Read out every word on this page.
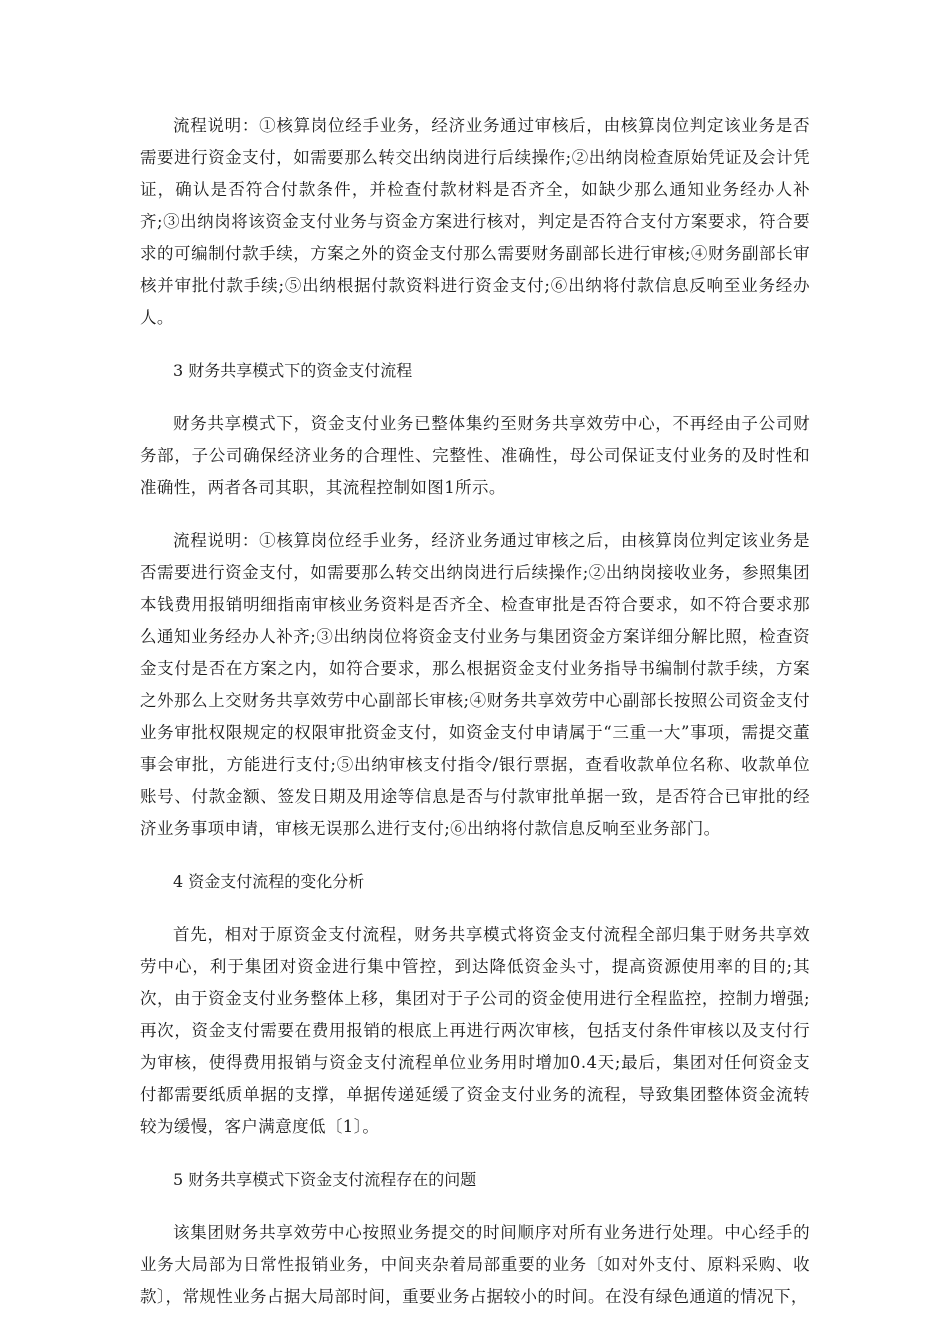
流程说明：①核算岗位经手业务，经济业务通过审核后，由核算岗位判定该业务是否需要进行资金支付，如需要那么转交出纳岗进行后续操作;②出纳岗检查原始凭证及会计凭证，确认是否符合付款条件，并检查付款材料是否齐全，如缺少那么通知业务经办人补齐;③出纳岗将该资金支付业务与资金方案进行核对，判定是否符合支付方案要求，符合要求的可编制付款手续，方案之外的资金支付那么需要财务副部长进行审核;④财务副部长审核并审批付款手续;⑤出纳根据付款资料进行资金支付;⑥出纳将付款信息反响至业务经办人。

3 财务共享模式下的资金支付流程

财务共享模式下，资金支付业务已整体集约至财务共享效劳中心，不再经由子公司财务部，子公司确保经济业务的合理性、完整性、准确性，母公司保证支付业务的及时性和准确性，两者各司其职，其流程控制如图1所示。

流程说明：①核算岗位经手业务，经济业务通过审核之后，由核算岗位判定该业务是否需要进行资金支付，如需要那么转交出纳岗进行后续操作;②出纳岗接收业务，参照集团本钱费用报销明细指南审核业务资料是否齐全、检查审批是否符合要求，如不符合要求那么通知业务经办人补齐;③出纳岗位将资金支付业务与集团资金方案详细分解比照，检查资金支付是否在方案之内，如符合要求，那么根据资金支付业务指导书编制付款手续，方案之外那么上交财务共享效劳中心副部长审核;④财务共享效劳中心副部长按照公司资金支付业务审批权限规定的权限审批资金支付，如资金支付申请属于“三重一大”事项，需提交董事会审批，方能进行支付;⑤出纳审核支付指令/银行票据，查看收款单位名称、收款单位账号、付款金额、签发日期及用途等信息是否与付款审批单据一致，是否符合已审批的经济业务事项申请，审核无误那么进行支付;⑥出纳将付款信息反响至业务部门。

4 资金支付流程的变化分析

首先，相对于原资金支付流程，财务共享模式将资金支付流程全部归集于财务共享效劳中心，利于集团对资金进行集中管控，到达降低资金头寸，提高资源使用率的目的;其次，由于资金支付业务整体上移，集团对于子公司的资金使用进行全程监控，控制力增强;再次，资金支付需要在费用报销的根底上再进行两次审核，包括支付条件审核以及支付行为审核，使得费用报销与资金支付流程单位业务用时增加0.4天;最后，集团对任何资金支付都需要纸质单据的支撑，单据传递延缓了资金支付业务的流程，导致集团整体资金流转较为缓慢，客户满意度低〔1〕。

5 财务共享模式下资金支付流程存在的问题

该集团财务共享效劳中心按照业务提交的时间顺序对所有业务进行处理。中心经手的业务大局部为日常性报销业务，中间夹杂着局部重要的业务〔如对外支付、原料采购、收款〕，常规性业务占据大局部时间，重要业务占据较小的时间。在没有绿色通道的情况下，
